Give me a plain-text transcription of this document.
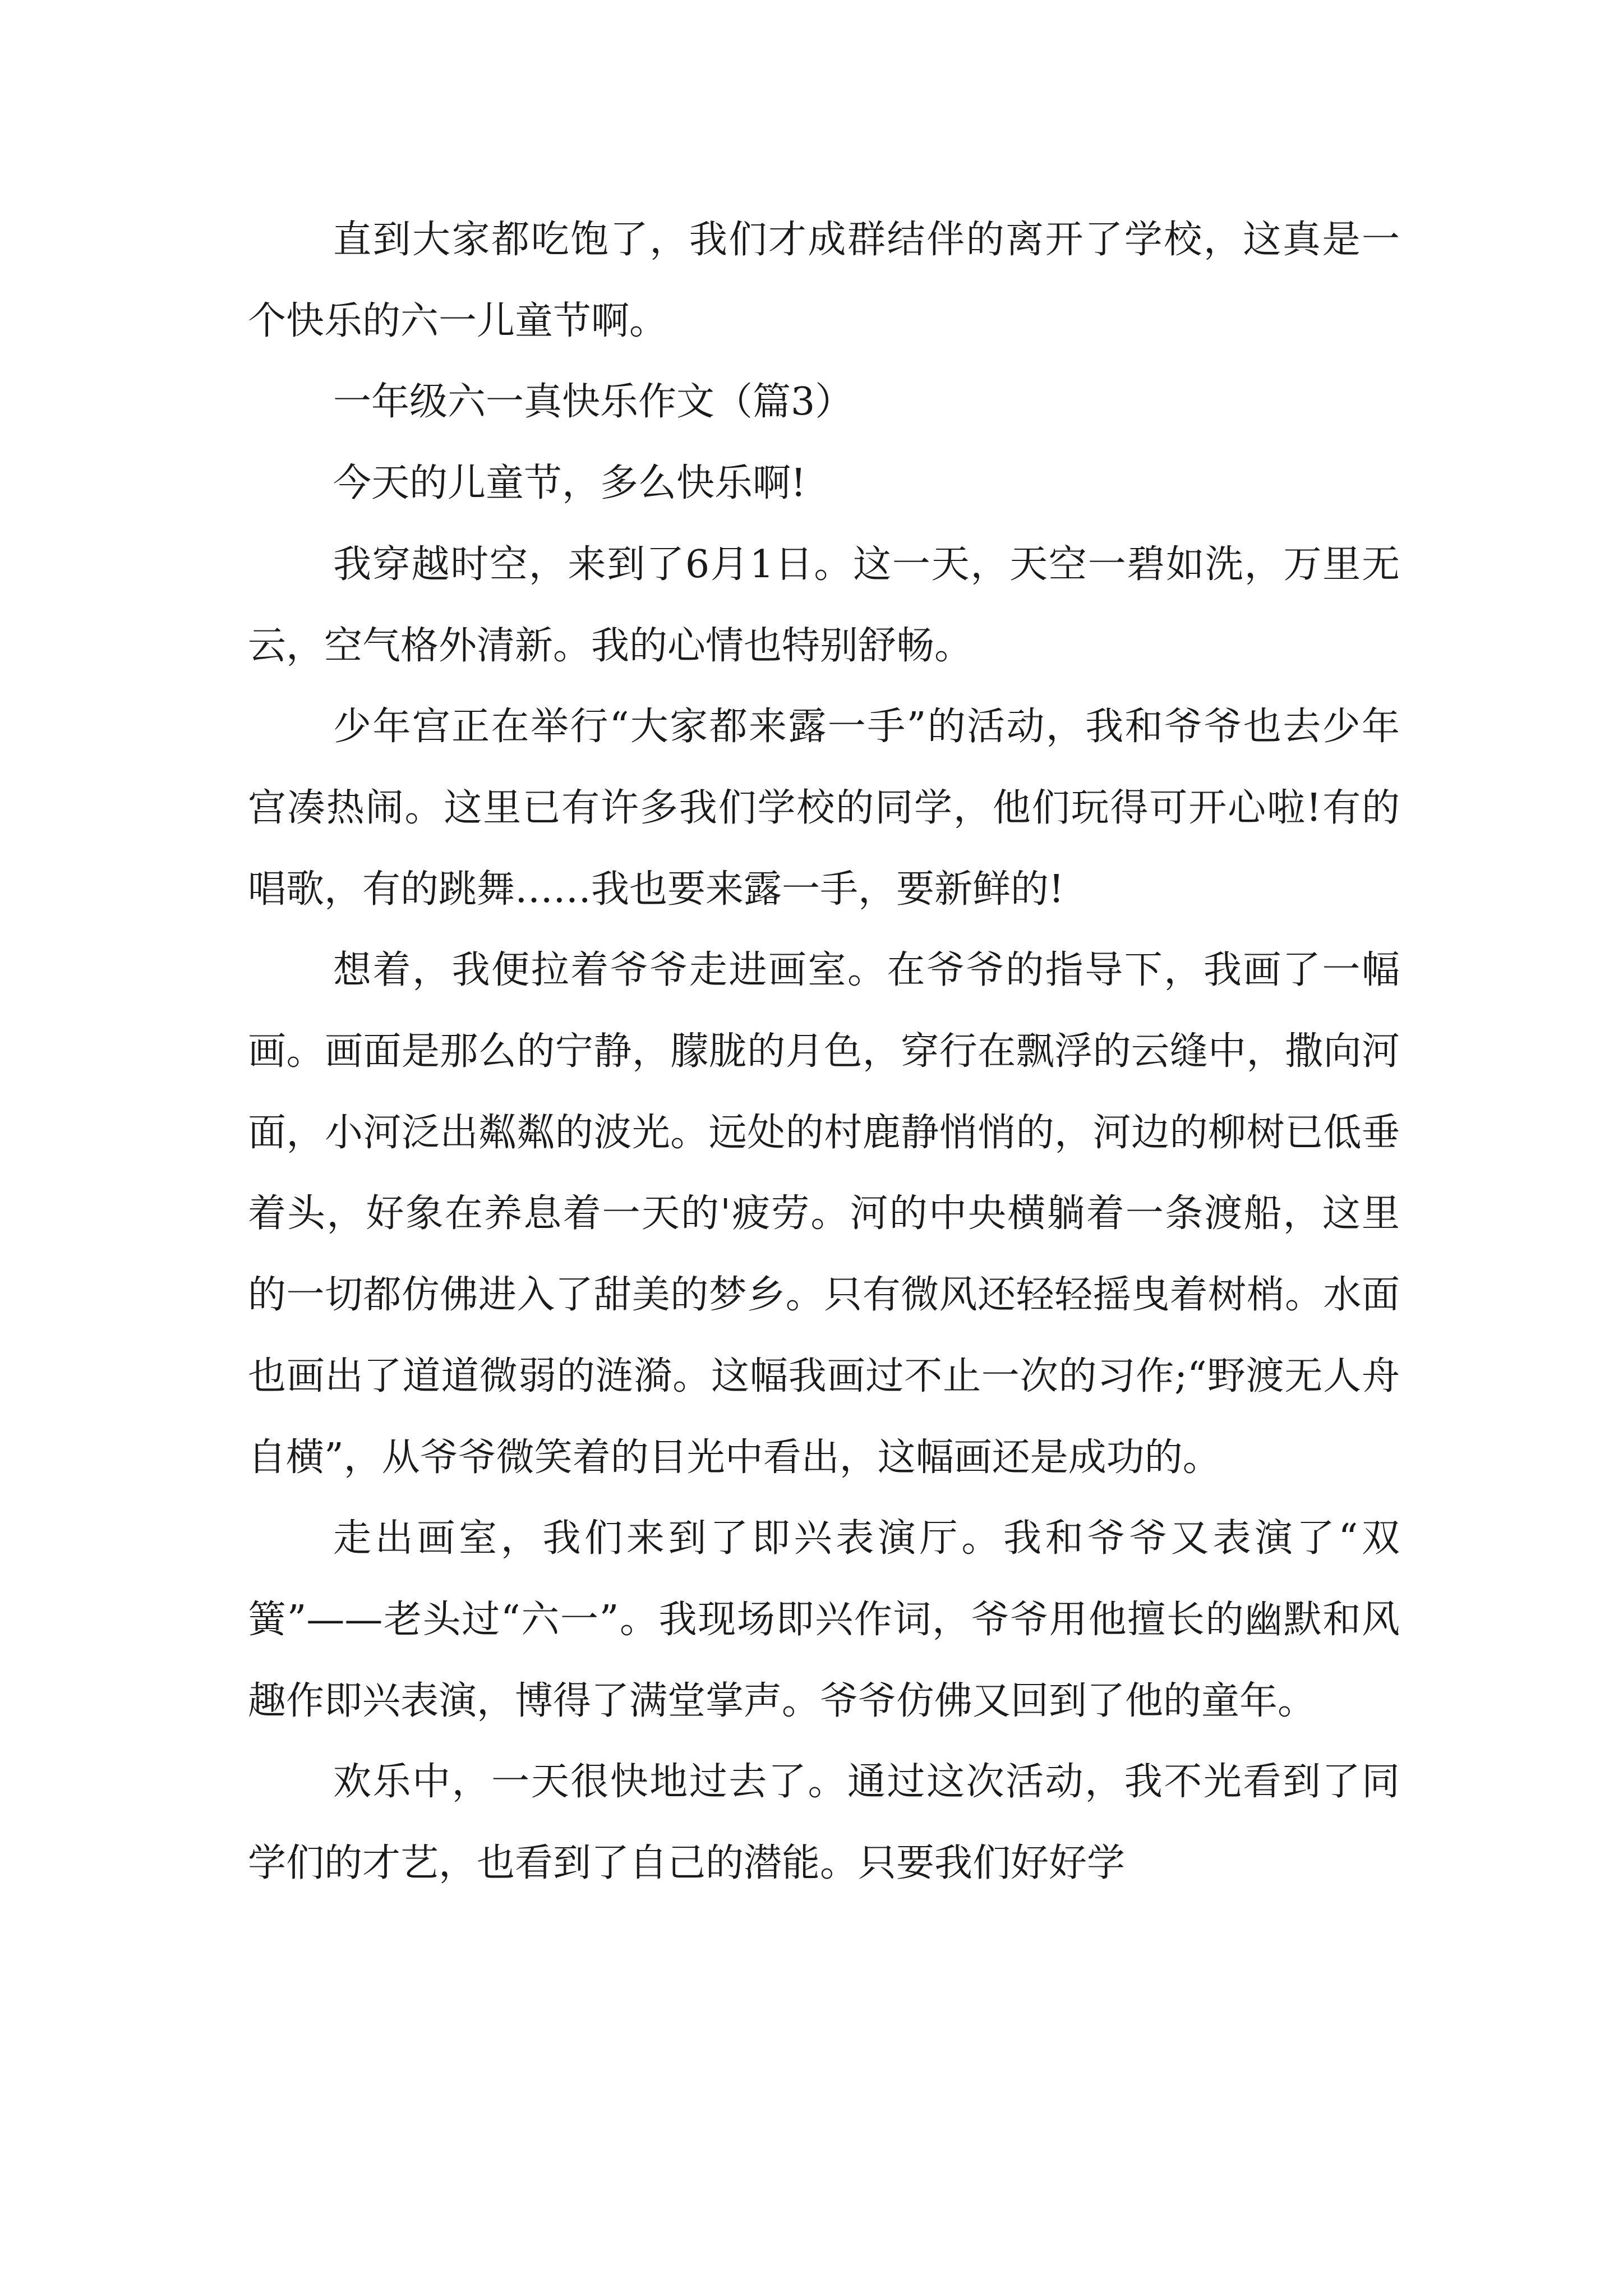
直到大家都吃饱了，我们才成群结伴的离开了学校，这真是一个快乐的六一儿童节啊。

一年级六一真快乐作文（篇3）

今天的儿童节，多么快乐啊!

我穿越时空，来到了6月1日。这一天，天空一碧如洗，万里无云，空气格外清新。我的心情也特别舒畅。

少年宫正在举行“大家都来露一手”的活动，我和爷爷也去少年宫凑热闹。这里已有许多我们学校的同学，他们玩得可开心啦!有的唱歌，有的跳舞……我也要来露一手，要新鲜的!

想着，我便拉着爷爷走进画室。在爷爷的指导下，我画了一幅画。画面是那么的宁静，朦胧的月色，穿行在飘浮的云缝中，撒向河面，小河泛出粼粼的波光。远处的村鹿静悄悄的，河边的柳树已低垂着头，好象在养息着一天的'疲劳。河的中央横躺着一条渡船，这里的一切都仿佛进入了甜美的梦乡。只有微风还轻轻摇曳着树梢。水面也画出了道道微弱的涟漪。这幅我画过不止一次的习作;“野渡无人舟自横”，从爷爷微笑着的目光中看出，这幅画还是成功的。

走出画室，我们来到了即兴表演厅。我和爷爷又表演了“双簧”——老头过“六一”。我现场即兴作词，爷爷用他擅长的幽默和风趣作即兴表演，博得了满堂掌声。爷爷仿佛又回到了他的童年。

欢乐中，一天很快地过去了。通过这次活动，我不光看到了同学们的才艺，也看到了自己的潜能。只要我们好好学
